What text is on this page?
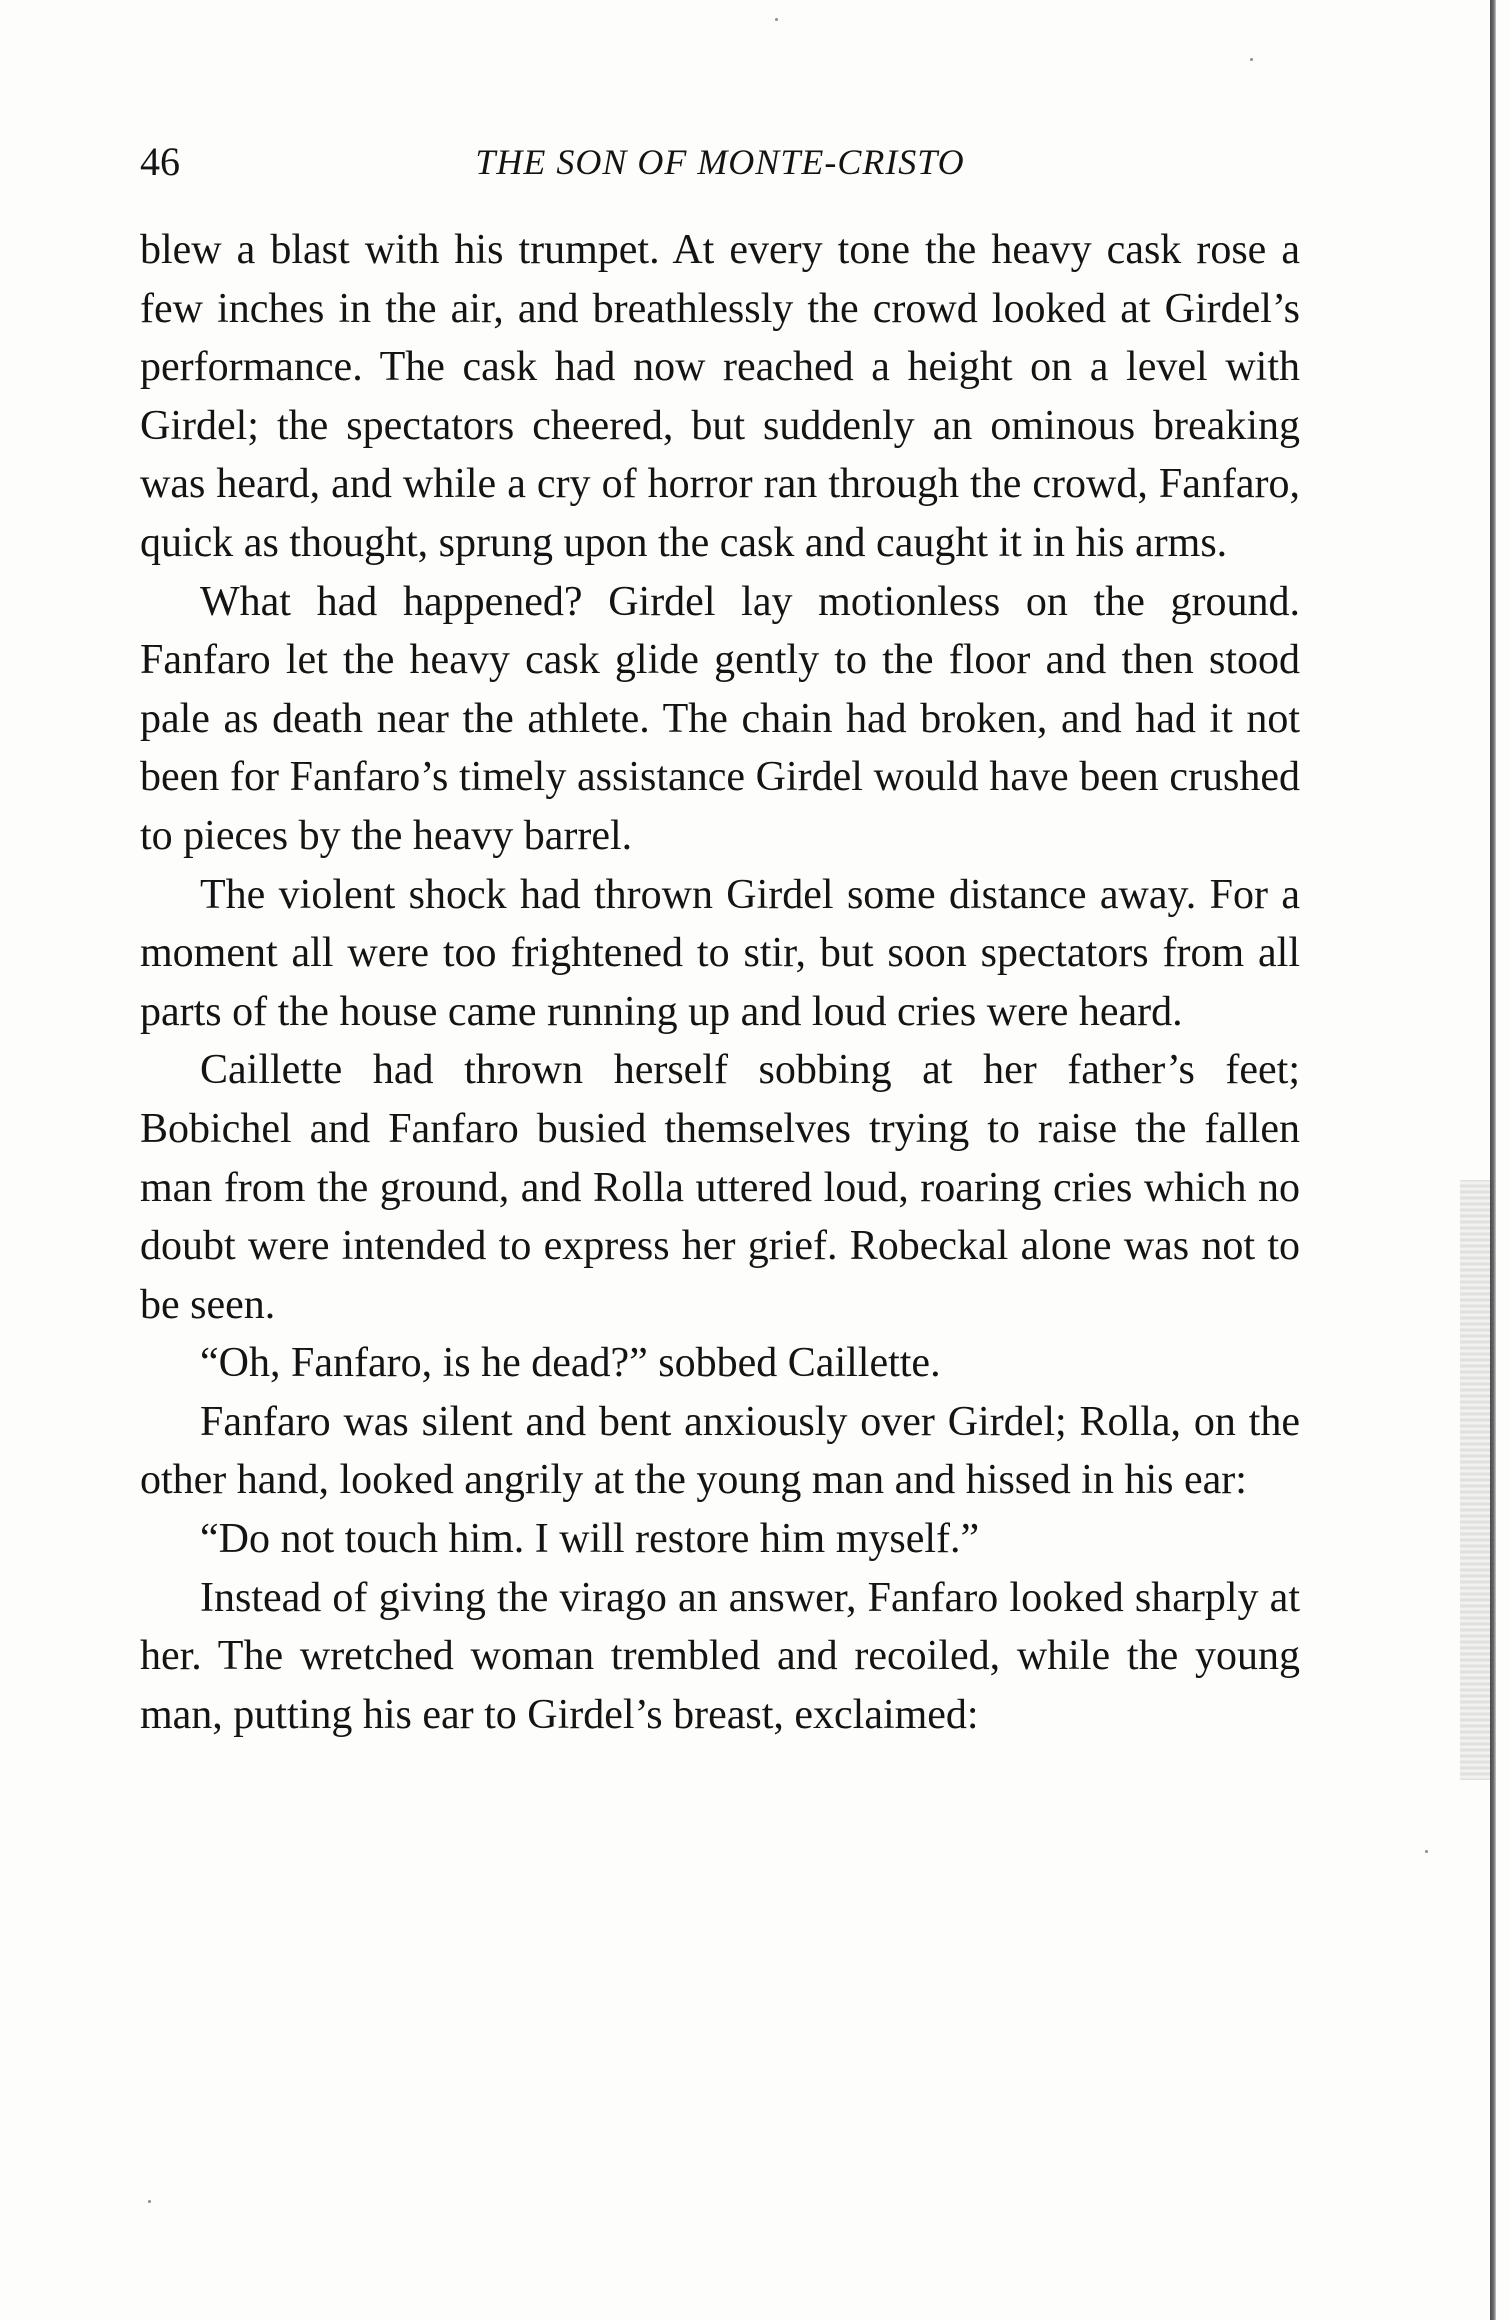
46	THE SON OF MONTE-CRISTO

blew a blast with his trumpet. At every tone the heavy cask rose a few inches in the air, and breathlessly the crowd looked at Girdel’s performance. The cask had now reached a height on a level with Girdel; the spectators cheered, but suddenly an ominous breaking was heard, and while a cry of horror ran through the crowd, Fanfaro, quick as thought, sprung upon the cask and caught it in his arms.

What had happened? Girdel lay motionless on the ground. Fanfaro let the heavy cask glide gently to the floor and then stood pale as death near the athlete. The chain had broken, and had it not been for Fanfaro’s timely assistance Girdel would have been crushed to pieces by the heavy barrel.

The violent shock had thrown Girdel some distance away. For a moment all were too frightened to stir, but soon spectators from all parts of the house came running up and loud cries were heard.

Caillette had thrown herself sobbing at her father’s feet; Bobichel and Fanfaro busied themselves trying to raise the fallen man from the ground, and Rolla uttered loud, roaring cries which no doubt were intended to express her grief. Robeckal alone was not to be seen.

“Oh, Fanfaro, is he dead?” sobbed Caillette.

Fanfaro was silent and bent anxiously over Girdel; Rolla, on the other hand, looked angrily at the young man and hissed in his ear:

“Do not touch him. I will restore him myself.”

Instead of giving the virago an answer, Fanfaro looked sharply at her. The wretched woman trembled and recoiled, while the young man, putting his ear to Girdel’s breast, exclaimed:
